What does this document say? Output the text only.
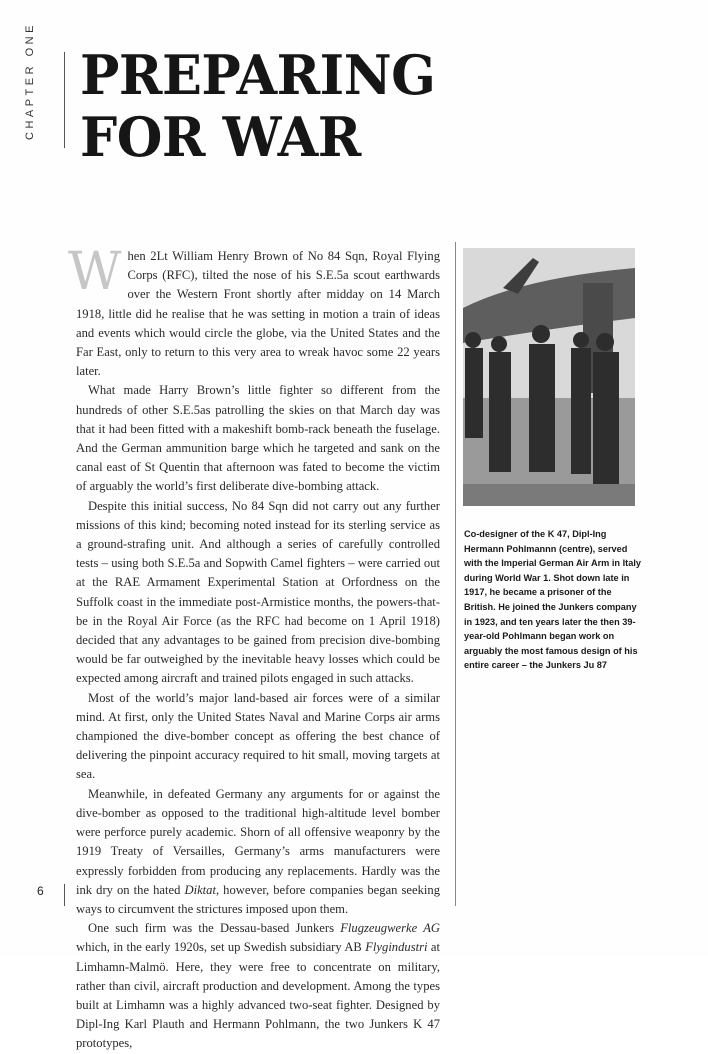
CHAPTER ONE PREPARING
FOR WAR

When 2Lt William Henry Brown of No 84 Sqn, Royal Flying Corps (RFC), tilted the nose of his S.E.5a scout earthwards over the Western Front shortly after midday on 14 March 1918, little did he realise that he was setting in motion a train of ideas and events which would circle the globe, via the United States and the Far East, only to return to this very area to wreak havoc some 22 years later.

What made Harry Brown’s little fighter so different from the hundreds of other S.E.5as patrolling the skies on that March day was that it had been fitted with a makeshift bomb-rack beneath the fuselage. And the German ammunition barge which he targeted and sank on the canal east of St Quentin that afternoon was fated to become the victim of arguably the world’s first deliberate dive-bombing attack.

Despite this initial success, No 84 Sqn did not carry out any further missions of this kind; becoming noted instead for its sterling service as a ground-strafing unit. And although a series of carefully controlled tests – using both S.E.5a and Sopwith Camel fighters – were carried out at the RAE Armament Experimental Station at Orfordness on the Suffolk coast in the immediate post-Armistice months, the powers-that-be in the Royal Air Force (as the RFC had become on 1 April 1918) decided that any advantages to be gained from precision dive-bombing would be far outweighed by the inevitable heavy losses which could be expected among aircraft and trained pilots engaged in such attacks.

Most of the world’s major land-based air forces were of a similar mind. At first, only the United States Naval and Marine Corps air arms championed the dive-bomber concept as offering the best chance of delivering the pinpoint accuracy required to hit small, moving targets at sea.

Meanwhile, in defeated Germany any arguments for or against the dive-bomber as opposed to the traditional high-altitude level bomber were perforce purely academic. Shorn of all offensive weaponry by the 1919 Treaty of Versailles, Germany’s arms manufacturers were expressly forbidden from producing any replacements. Hardly was the ink dry on the hated Diktat, however, before companies began seeking ways to circumvent the strictures imposed upon them.

One such firm was the Dessau-based Junkers Flugzeugwerke AG which, in the early 1920s, set up Swedish subsidiary AB Flygindustri at Limhamn-Malmö. Here, they were free to concentrate on military, rather than civil, aircraft production and development. Among the types built at Limhamn was a highly advanced two-seat fighter. Designed by Dipl-Ing Karl Plauth and Hermann Pohlmann, the two Junkers K 47 prototypes,

Co-designer of the K 47, Dipl-Ing Hermann Pohlmannn (centre), served with the Imperial German Air Arm in Italy during World War 1. Shot down late in 1917, he became a prisoner of the British. He joined the Junkers company in 1923, and ten years later the then 39-year-old Pohlmann began work on arguably the most famous design of his entire career – the Junkers Ju 87
6
